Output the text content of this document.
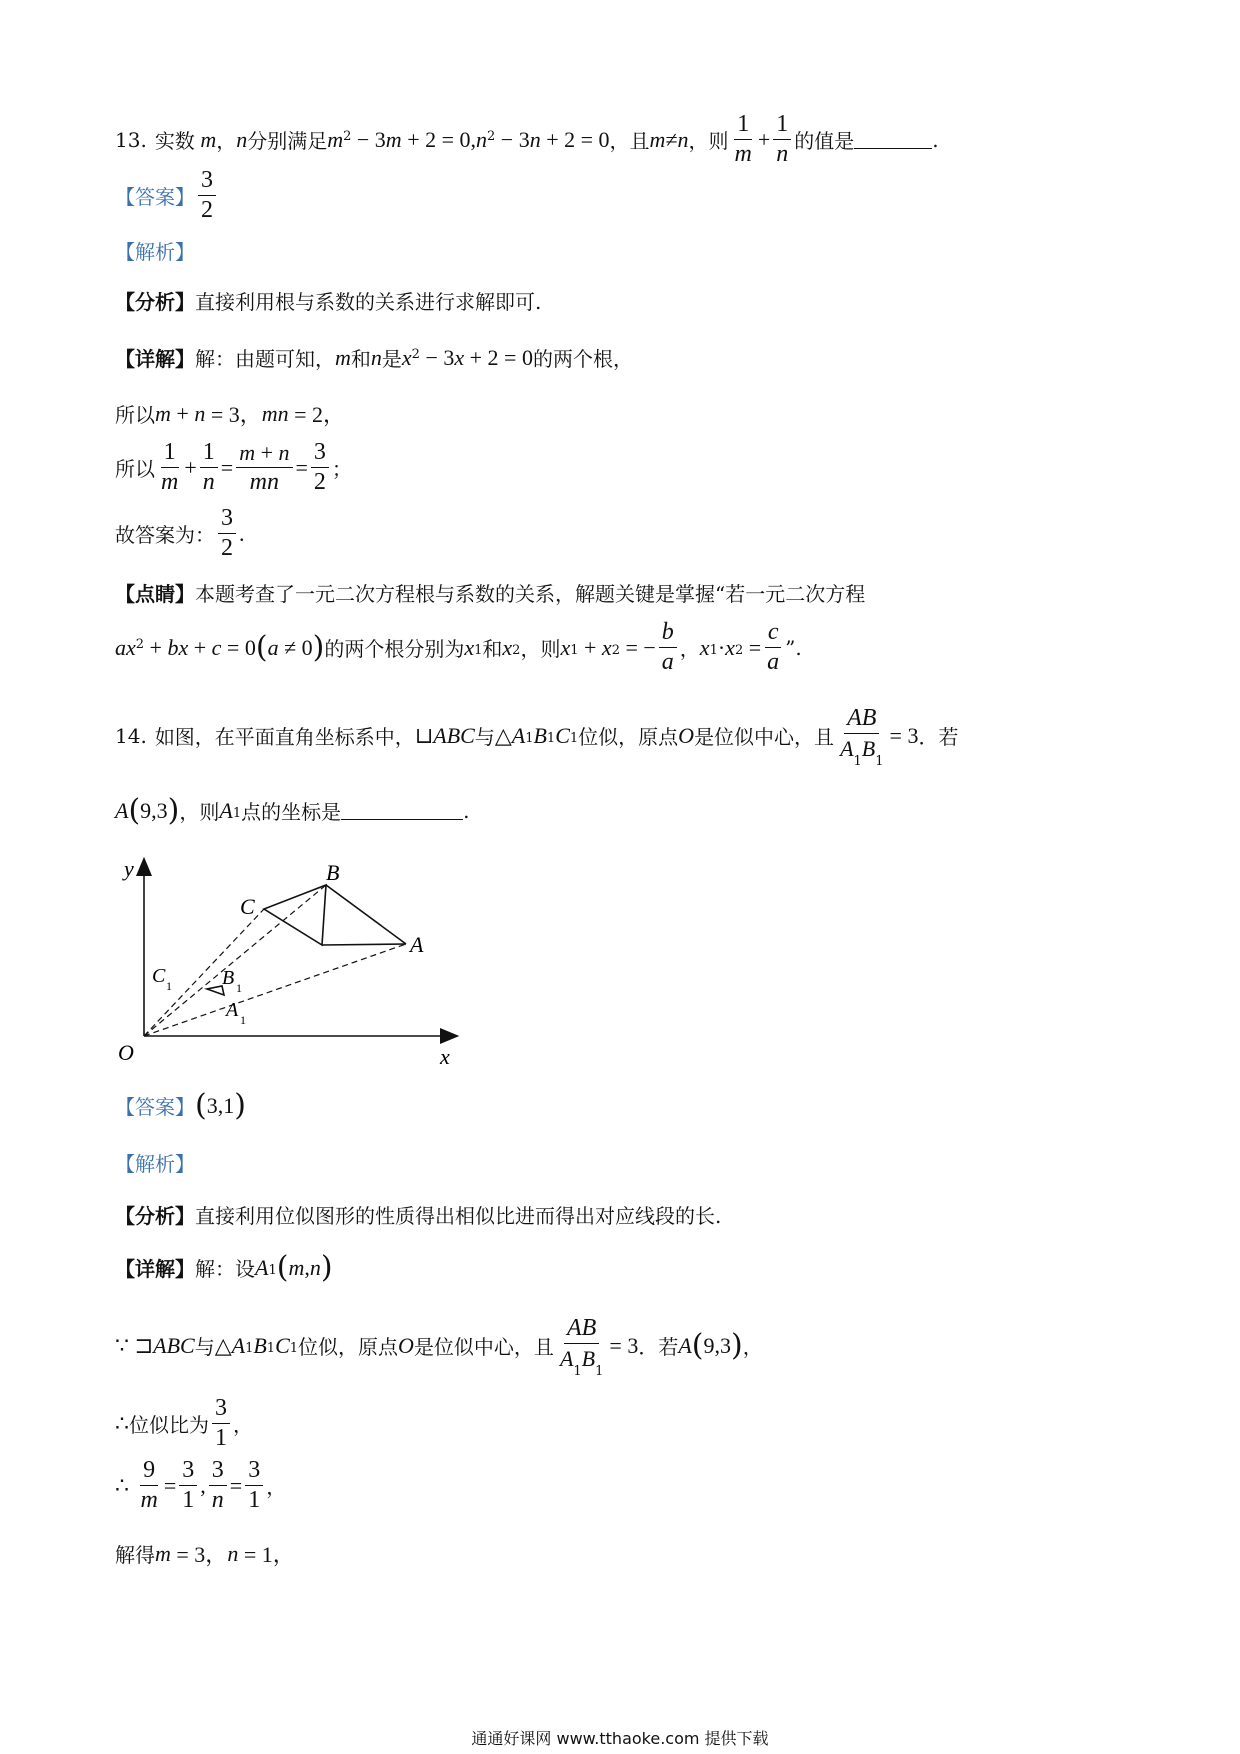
13. 实数 m ， n 分别满足 $m^2 - 3$ m + 2 = 0, $n^2 - 3$ n + 2 = 0 ，且 m ≠ n ，则 $\frac{1}{m} + \frac{1}{n}$ 的值是	.
【答案】 $\frac{3}{2}$
【解析】
【分析】 直接利用根与系数的关系进行求解即可.
【详解】 解：由题可知， m 和 n 是 $x^2 - 3$ x + 2 = 0 的两个根，
所以 m + n = 3， mn = 2，
所以 $\frac{1}{m} + \frac{1}{n} = \frac{m + n}{mn} = \frac{3}{2}$ ；
故答案为： $\frac{3}{2}$ .
【点睛】 本题考查了一元二次方程根与系数的关系，解题关键是掌握“若一元二次方程
$ax^2$ + bx + c = 0 ( a ≠ 0 ) 的两个根分别为 $x_1$ 和 $x_2$ ，则 $x_1 + x_2$ = − $\frac{b}{a}$ ， $x_1 \cdot x_2 = \frac{c}{a}$ ”.
14. 如图，在平面直角坐标系中， ⊔ ABC 与 △ $A_1$ $B_1$ $C_1$ 位似，原点 O 是位似中心，且 $\frac{AB}{A_1B_1} = 3$ ．若
A ( 9,3 ) ，则 $A_1$ 点的坐标是	.
y
x
O
A
B
C
A 1
B 1
C 1
【答案】 ( 3,1 )
【解析】
【分析】 直接利用位似图形的性质得出相似比进而得出对应线段的长.
【详解】 解：设 $A_1$ ( m , n )
∵ ⊐ ABC 与 △ $A_1$ $B_1$ $C_1$ 位似，原点 O 是位似中心，且 $\frac{AB}{A_1B_1} = 3$ ．若 A ( 9,3 ) ，
∴ 位似比为 $\frac{3}{1}$ ，
∴ $\frac{9}{m} = \frac{3}{1}$ , $\frac{3}{n} = \frac{3}{1}$ ，
解得 m = 3， n = 1，
通通好课网 www.tthaoke.com 提供下载
